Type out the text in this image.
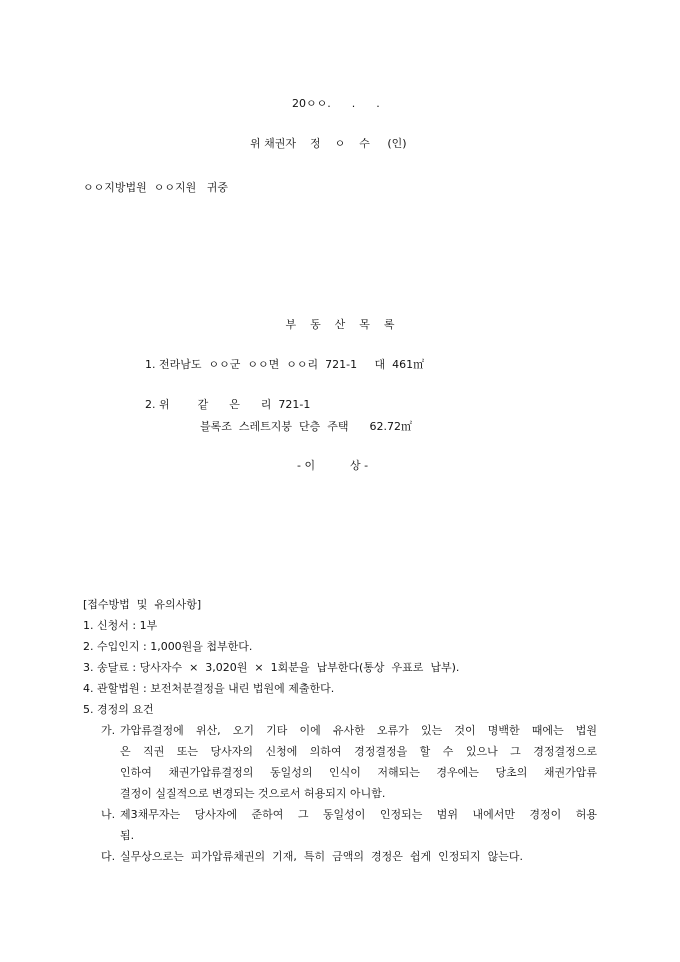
20ㅇㅇ.      .      .
위 채권자    정    ㅇ    수     (인)
ㅇㅇ지방법원  ㅇㅇ지원   귀중
부    동    산    목    록
1. 전라남도  ㅇㅇ군  ㅇㅇ면  ㅇㅇ리  721-1     대  461㎡
2. 위        같      은      리  721-1
블록조  스레트지붕  단층  주택      62.72㎡
- 이          상 -
[접수방법  및  유의사항]
1. 신청서 : 1부
2. 수입인지 : 1,000원을 첩부한다.
3. 송달료 : 당사자수  ×  3,020원  ×  1회분을  납부한다(통상  우표로  납부).
4. 관할법원 : 보전처분결정을 내린 법원에 제출한다.
5. 경정의 요건
가. 가압류결정에 위산, 오기 기타 이에 유사한 오류가 있는 것이 명백한 때에는 법원
은 직권 또는 당사자의 신청에 의하여 경정결정을 할 수 있으나 그 경정결정으로
인하여 채권가압류결정의 동일성의 인식이 저해되는 경우에는 당초의 채권가압류
결정이 실질적으로 변경되는 것으로서 허용되지 아니함.
나. 제3채무자는 당사자에 준하여 그 동일성이 인정되는 범위 내에서만 경정이 허용
됨.
다. 실무상으로는  피가압류채권의  기재,  특히  금액의  경정은  쉽게  인정되지  않는다.
